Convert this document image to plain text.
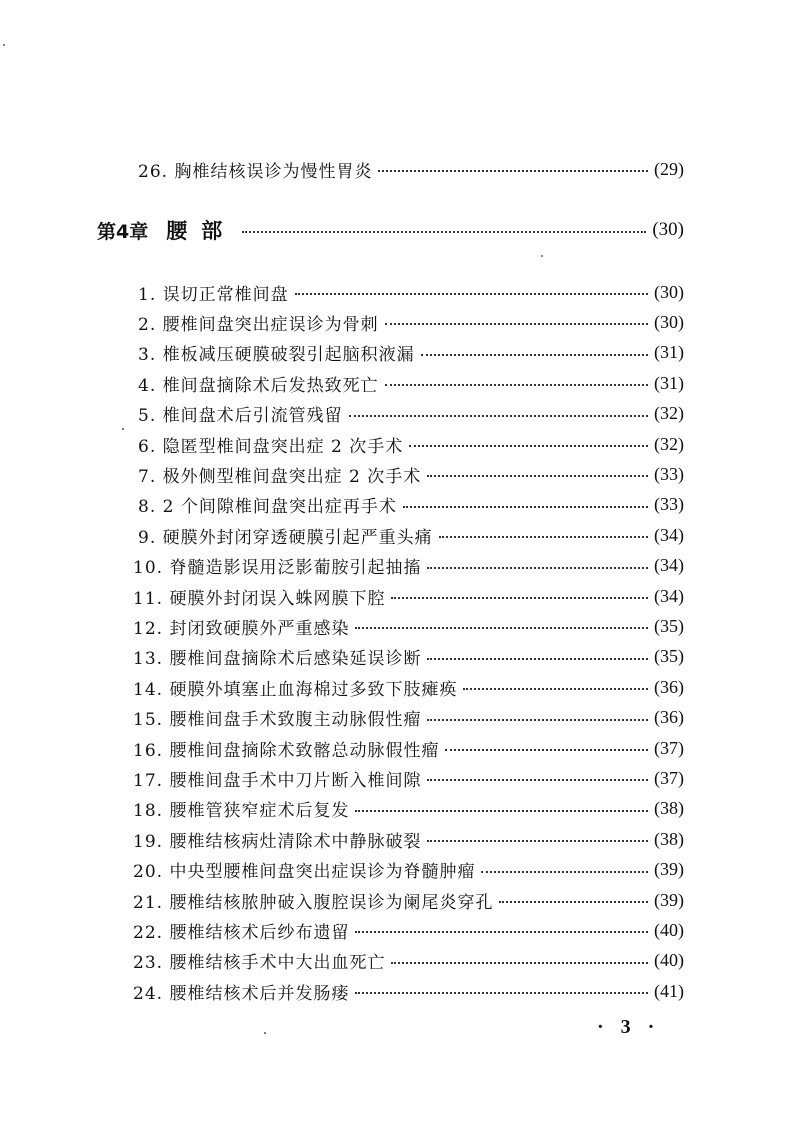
26. 胸椎结核误诊为慢性胃炎	(29)
第4章 腰部	(30)
1. 误切正常椎间盘	(30)
2. 腰椎间盘突出症误诊为骨刺	(30)
3. 椎板减压硬膜破裂引起脑积液漏	(31)
4. 椎间盘摘除术后发热致死亡	(31)
5. 椎间盘术后引流管残留	(32)
6. 隐匿型椎间盘突出症 2 次手术	(32)
7. 极外侧型椎间盘突出症 2 次手术	(33)
8. 2 个间隙椎间盘突出症再手术	(33)
9. 硬膜外封闭穿透硬膜引起严重头痛	(34)
10. 脊髓造影误用泛影葡胺引起抽搐	(34)
11. 硬膜外封闭误入蛛网膜下腔	(34)
12. 封闭致硬膜外严重感染	(35)
13. 腰椎间盘摘除术后感染延误诊断	(35)
14. 硬膜外填塞止血海棉过多致下肢瘫痪	(36)
15. 腰椎间盘手术致腹主动脉假性瘤	(36)
16. 腰椎间盘摘除术致髂总动脉假性瘤	(37)
17. 腰椎间盘手术中刀片断入椎间隙	(37)
18. 腰椎管狭窄症术后复发	(38)
19. 腰椎结核病灶清除术中静脉破裂	(38)
20. 中央型腰椎间盘突出症误诊为脊髓肿瘤	(39)
21. 腰椎结核脓肿破入腹腔误诊为阑尾炎穿孔	(39)
22. 腰椎结核术后纱布遗留	(40)
23. 腰椎结核手术中大出血死亡	(40)
24. 腰椎结核术后并发肠瘘	(41)
· 3 ·
